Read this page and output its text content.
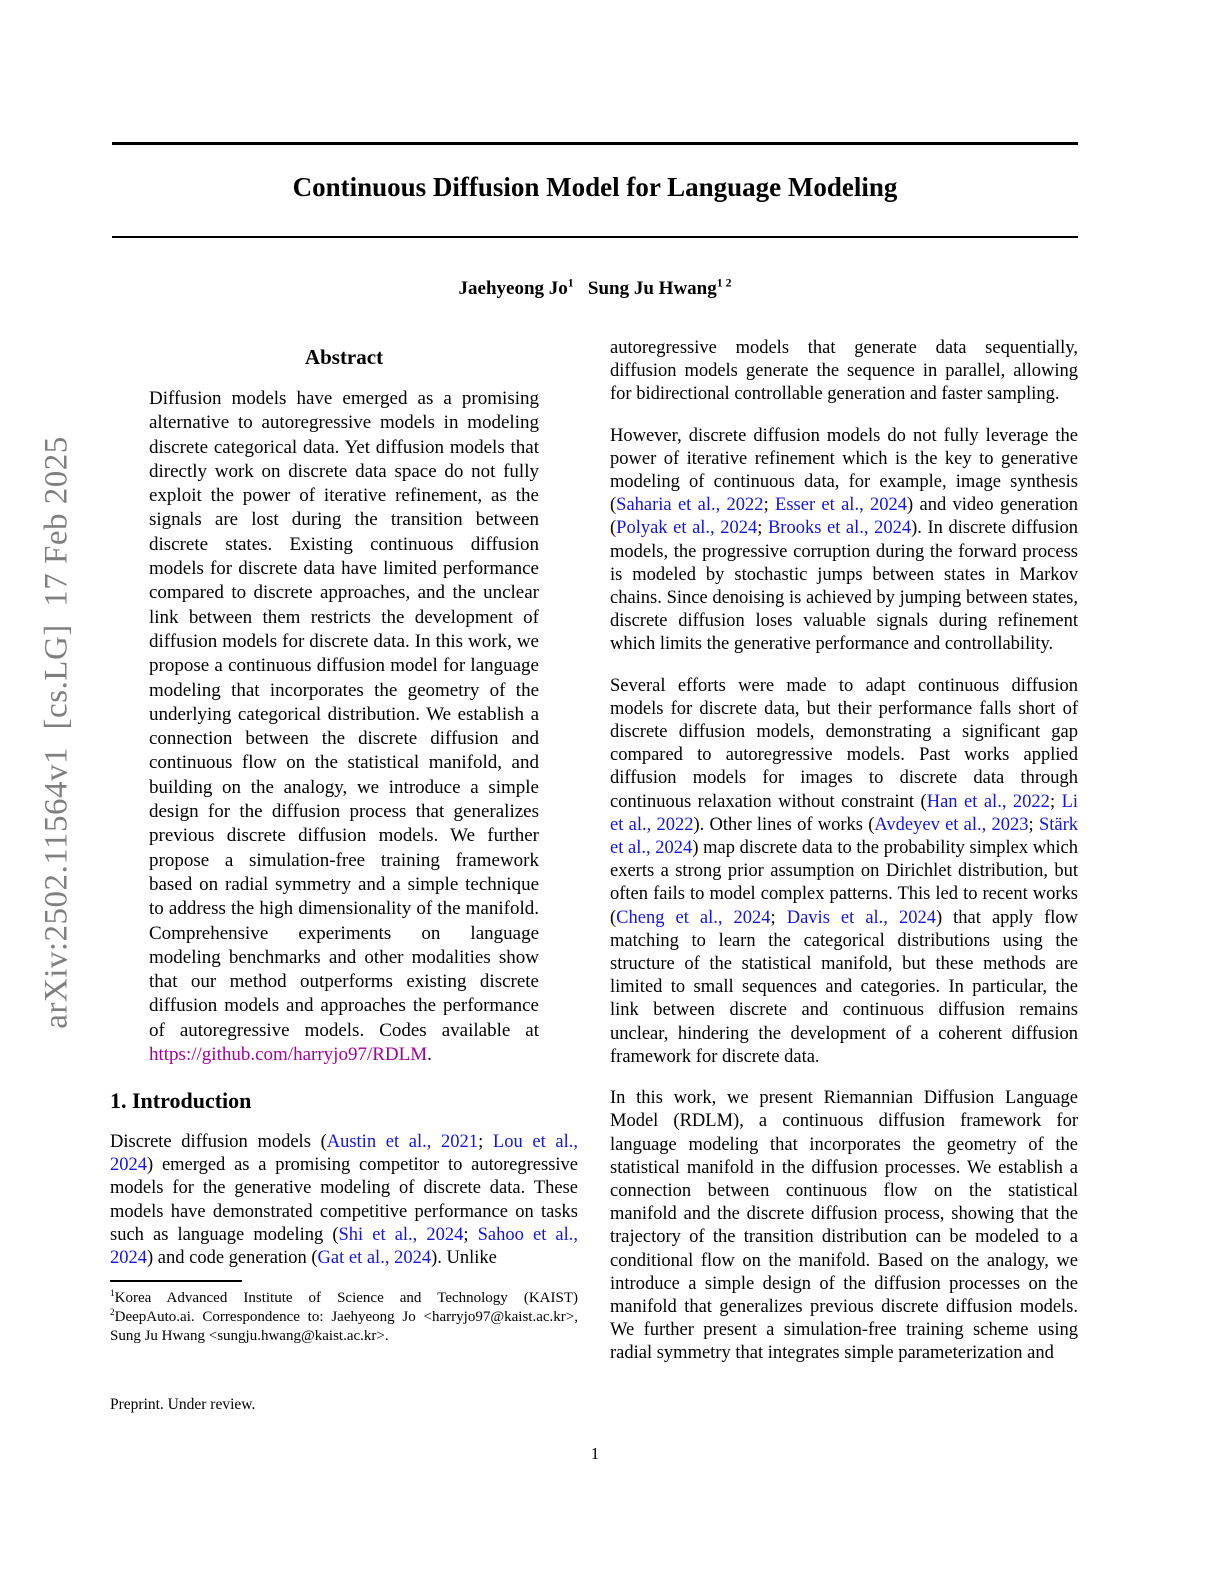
arXiv:2502.11564v1  [cs.LG]  17 Feb 2025

Continuous Diffusion Model for Language Modeling
Jaehyeong Jo$^1$ Sung Ju Hwang$^{1 2}$
Abstract

Diffusion models have emerged as a promising alternative to autoregressive models in modeling discrete categorical data. Yet diffusion models that directly work on discrete data space do not fully exploit the power of iterative refinement, as the signals are lost during the transition between discrete states. Existing continuous diffusion models for discrete data have limited performance compared to discrete approaches, and the unclear link between them restricts the development of diffusion models for discrete data. In this work, we propose a continuous diffusion model for language modeling that incorporates the geometry of the underlying categorical distribution. We establish a connection between the discrete diffusion and continuous flow on the statistical manifold, and building on the analogy, we introduce a simple design for the diffusion process that generalizes previous discrete diffusion models. We further propose a simulation-free training framework based on radial symmetry and a simple technique to address the high dimensionality of the manifold. Comprehensive experiments on language modeling benchmarks and other modalities show that our method outperforms existing discrete diffusion models and approaches the performance of autoregressive models. Codes available at https://github.com/harryjo97/RDLM.

1. Introduction

Discrete diffusion models (Austin et al., 2021; Lou et al., 2024) emerged as a promising competitor to autoregressive models for the generative modeling of discrete data. These models have demonstrated competitive performance on tasks such as language modeling (Shi et al., 2024; Sahoo et al., 2024) and code generation (Gat et al., 2024). Unlike

autoregressive models that generate data sequentially, diffusion models generate the sequence in parallel, allowing for bidirectional controllable generation and faster sampling.

However, discrete diffusion models do not fully leverage the power of iterative refinement which is the key to generative modeling of continuous data, for example, image synthesis (Saharia et al., 2022; Esser et al., 2024) and video generation (Polyak et al., 2024; Brooks et al., 2024). In discrete diffusion models, the progressive corruption during the forward process is modeled by stochastic jumps between states in Markov chains. Since denoising is achieved by jumping between states, discrete diffusion loses valuable signals during refinement which limits the generative performance and controllability.

Several efforts were made to adapt continuous diffusion models for discrete data, but their performance falls short of discrete diffusion models, demonstrating a significant gap compared to autoregressive models. Past works applied diffusion models for images to discrete data through continuous relaxation without constraint (Han et al., 2022; Li et al., 2022). Other lines of works (Avdeyev et al., 2023; Stärk et al., 2024) map discrete data to the probability simplex which exerts a strong prior assumption on Dirichlet distribution, but often fails to model complex patterns. This led to recent works (Cheng et al., 2024; Davis et al., 2024) that apply flow matching to learn the categorical distributions using the structure of the statistical manifold, but these methods are limited to small sequences and categories. In particular, the link between discrete and continuous diffusion remains unclear, hindering the development of a coherent diffusion framework for discrete data.

In this work, we present Riemannian Diffusion Language Model (RDLM), a continuous diffusion framework for language modeling that incorporates the geometry of the statistical manifold in the diffusion processes. We establish a connection between continuous flow on the statistical manifold and the discrete diffusion process, showing that the trajectory of the transition distribution can be modeled to a conditional flow on the manifold. Based on the analogy, we introduce a simple design of the diffusion processes on the manifold that generalizes previous discrete diffusion models. We further present a simulation-free training scheme using radial symmetry that integrates simple parameterization and

$^1$Korea Advanced Institute of Science and Technology (KAIST) $^2$DeepAuto.ai. Correspondence to: Jaehyeong Jo <harryjo97@kaist.ac.kr>, Sung Ju Hwang <sungju.hwang@kaist.ac.kr>.

Preprint. Under review.
1
